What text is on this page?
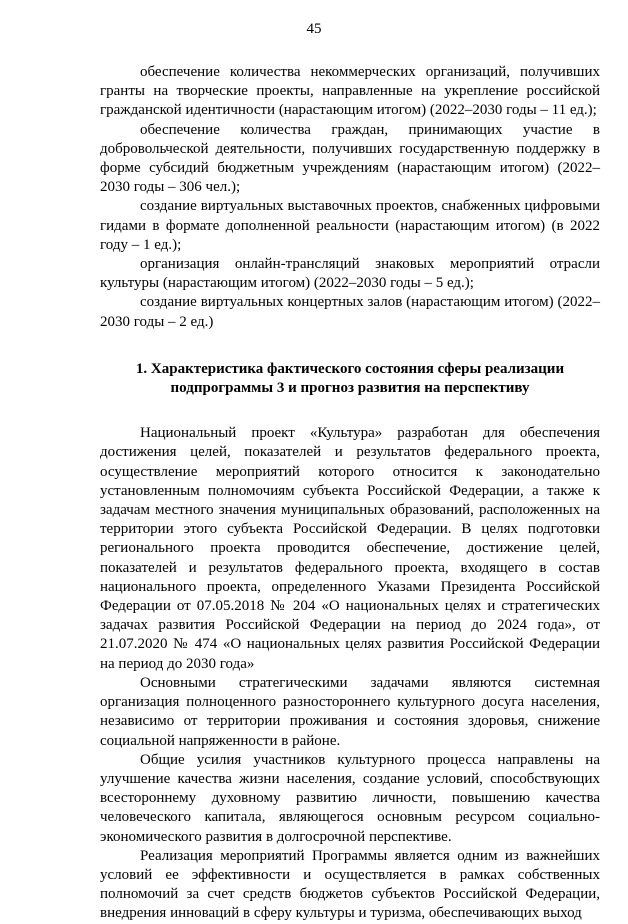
45

обеспечение количества некоммерческих организаций, получивших гранты на творческие проекты, направленные на укрепление российской гражданской идентичности (нарастающим итогом) (2022–2030 годы – 11 ед.);

обеспечение количества граждан, принимающих участие в добровольческой деятельности, получивших государственную поддержку в форме субсидий бюджетным учреждениям (нарастающим итогом) (2022–2030 годы – 306 чел.);

создание виртуальных выставочных проектов, снабженных цифровыми гидами в формате дополненной реальности (нарастающим итогом) (в 2022 году – 1 ед.);

организация онлайн-трансляций знаковых мероприятий отрасли культуры (нарастающим итогом) (2022–2030 годы – 5 ед.);

создание виртуальных концертных залов (нарастающим итогом) (2022–2030 годы – 2 ед.)

1. Характеристика фактического состояния сферы реализации подпрограммы 3 и прогноз развития на перспективу

Национальный проект «Культура» разработан для обеспечения достижения целей, показателей и результатов федерального проекта, осуществление мероприятий которого относится к законодательно установленным полномочиям субъекта Российской Федерации, а также к задачам местного значения муниципальных образований, расположенных на территории этого субъекта Российской Федерации. В целях подготовки регионального проекта проводится обеспечение, достижение целей, показателей и результатов федерального проекта, входящего в состав национального проекта, определенного Указами Президента Российской Федерации от 07.05.2018 № 204 «О национальных целях и стратегических задачах развития Российской Федерации на период до 2024 года», от 21.07.2020 № 474 «О национальных целях развития Российской Федерации на период до 2030 года»

Основными стратегическими задачами являются системная организация полноценного разностороннего культурного досуга населения, независимо от территории проживания и состояния здоровья, снижение социальной напряженности в районе.

Общие усилия участников культурного процесса направлены на улучшение качества жизни населения, создание условий, способствующих всестороннему духовному развитию личности, повышению качества человеческого капитала, являющегося основным ресурсом социально-экономического развития в долгосрочной перспективе.

Реализация мероприятий Программы является одним из важнейших условий ее эффективности и осуществляется в рамках собственных полномочий за счет средств бюджетов субъектов Российской Федерации, внедрения инноваций в сферу культуры и туризма, обеспечивающих выход
